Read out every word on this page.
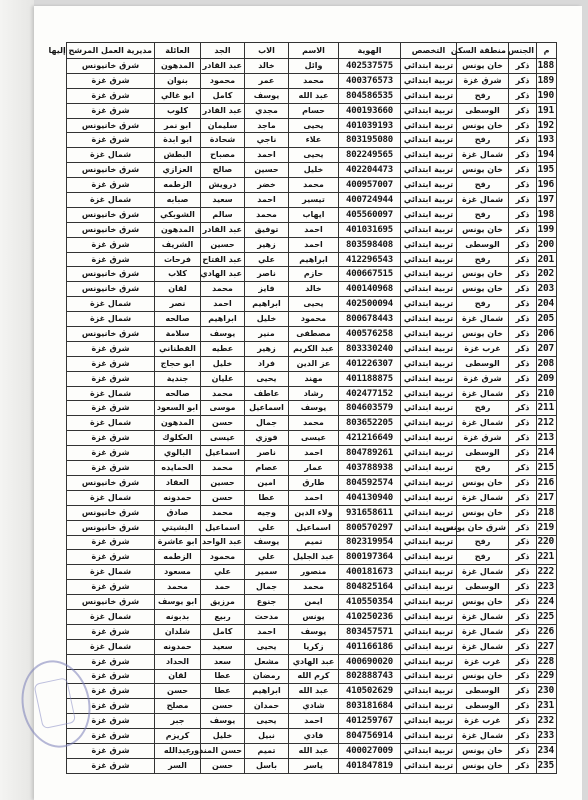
م	الجنس	منطقة السكن	التخصص	الهوية	الاسم	الاب	الجد	العائلة	مديرية العمل المرشح إليها
188	ذكر	خان يونس	تربية ابتدائي	402537575	وائل	خالد	عبد القادر	المدهون	شرق خانيونس
189	ذكر	شرق غزة	تربية ابتدائي	400376573	محمد	عمر	محمود	بنوان	شرق غزة
190	ذكر	رفح	تربية ابتدائي	804586535	عبد الله	يوسف	كامل	ابو غالي	شرق غزة
191	ذكر	الوسطى	تربية ابتدائي	400193660	حسام	مجدي	عبد القادر	كلوب	شرق غزة
192	ذكر	خان يونس	تربية ابتدائي	401039193	يحيى	ماجد	سليمان	ابو نمر	شرق خانيونس
193	ذكر	رفح	تربية ابتدائي	803195080	علاء	ناجي	شحادة	ابو ابدة	شرق غزة
194	ذكر	شمال غزة	تربية ابتدائي	802249565	يحيى	احمد	مصباح	البطش	شمال غزة
195	ذكر	خان يونس	تربية ابتدائي	402204473	خليل	حسين	صالح	العزازي	شرق خانيونس
196	ذكر	رفح	تربية ابتدائي	400957007	محمد	خضر	درويش	الزطمه	شرق غزة
197	ذكر	شمال غزة	تربية ابتدائي	400724944	تيسير	احمد	سعيد	صبابه	شمال غزة
198	ذكر	رفح	تربية ابتدائي	405560097	ايهاب	محمد	سالم	الشوبكي	شرق خانيونس
199	ذكر	خان يونس	تربية ابتدائي	401031695	احمد	توفيق	عبد القادر	المدهون	شرق خانيونس
200	ذكر	الوسطى	تربية ابتدائي	803598408	احمد	زهير	حسين	الشريف	شرق غزة
201	ذكر	رفح	تربية ابتدائي	412296543	ابراهيم	علي	عبد الفتاح	فرحات	شرق غزة
202	ذكر	خان يونس	تربية ابتدائي	400667515	حازم	ناصر	عبد الهادي	كلاب	شرق خانيونس
203	ذكر	خان يونس	تربية ابتدائي	400140968	خالد	فايز	محمد	لقان	شرق خانيونس
204	ذكر	رفح	تربية ابتدائي	402500094	يحيى	ابراهيم	احمد	نصر	شمال غزة
205	ذكر	شمال غزة	تربية ابتدائي	800678443	محمود	خليل	ابراهيم	صالحه	شمال غزة
206	ذكر	خان يونس	تربية ابتدائي	400576258	مصطفى	منير	يوسف	سلامة	شرق خانيونس
207	ذكر	غرب غزة	تربية ابتدائي	803330240	عبد الكريم	زهير	عطيه	القطناني	شرق غزة
208	ذكر	الوسطى	تربية ابتدائي	401226307	عز الدين	فراد	خليل	ابو حجاج	شرق غزة
209	ذكر	شرق غزة	تربية ابتدائي	401188875	مهند	يحيى	عليان	جندية	شرق غزة
210	ذكر	شمال غزة	تربية ابتدائي	402477152	رشاد	عاطف	محمد	صالحه	شمال غزة
211	ذكر	رفح	تربية ابتدائي	804603579	يوسف	اسماعيل	موسى	ابو السعود	شرق غزة
212	ذكر	شمال غزة	تربية ابتدائي	803652205	محمد	جمال	حسن	المدهون	شمال غزة
213	ذكر	شرق غزة	تربية ابتدائي	421216649	عيسى	فوزي	عيسى	العكلوك	شرق غزة
214	ذكر	الوسطى	تربية ابتدائي	804789261	احمد	ناصر	اسماعيل	البالوي	شرق غزة
215	ذكر	رفح	تربية ابتدائي	403788938	عمار	عصام	محمد	الحمايده	شرق غزة
216	ذكر	خان يونس	تربية ابتدائي	804592574	طارق	امين	حسين	العقاد	شرق خانيونس
217	ذكر	شمال غزة	تربية ابتدائي	404130940	احمد	عطا	حسن	حمدونه	شمال غزة
218	ذكر	خان يونس	تربية ابتدائي	931658611	ولاء الدين	وجيه	محمد	صادق	شرق خانيونس
219	ذكر	شرق خان يونس	تربية ابتدائي	800570297	اسماعيل	علي	اسماعيل	البشيتي	شرق خانيونس
220	ذكر	رفح	تربية ابتدائي	802319954	تميم	يوسف	عبد الواحد	ابو عاشرة	شرق غزة
221	ذكر	رفح	تربية ابتدائي	800197364	عبد الجليل	علي	محمود	الزطمه	شرق غزة
222	ذكر	شمال غزة	تربية ابتدائي	400181673	منصور	سمير	علي	مسعود	شمال غزة
223	ذكر	الوسطى	تربية ابتدائي	804825164	محمد	جمال	حمد	محمد	شرق غزة
224	ذكر	خان يونس	تربية ابتدائي	410550354	ايمن	جنوع	مرزيق	ابو يوسف	شرق خانيونس
225	ذكر	شمال غزة	تربية ابتدائي	410250236	يونس	مدحت	ربيع	بدبونه	شمال غزة
226	ذكر	شمال غزة	تربية ابتدائي	803457571	يوسف	احمد	كامل	شلدان	شرق غزة
227	ذكر	شمال غزة	تربية ابتدائي	401166186	زكريا	يحيى	سعيد	حمدونه	شمال غزة
228	ذكر	غرب غزة	تربية ابتدائي	400690020	عبد الهادي	مشعل	سعد	الحداد	شرق غزة
229	ذكر	خان يونس	تربية ابتدائي	802888743	كرم الله	رمضان	عطا	لقان	شرق غزة
230	ذكر	الوسطى	تربية ابتدائي	410502629	عبد الله	ابراهيم	عطا	حسن	شرق غزة
231	ذكر	الوسطى	تربية ابتدائي	803181684	شادي	حمدان	حسن	مصلح	شرق غزة
232	ذكر	غرب غزة	تربية ابتدائي	401259767	احمد	يحيى	يوسف	جبر	شرق غزة
233	ذكر	شمال غزة	تربية ابتدائي	804756914	فادي	نبيل	خليل	كريزم	شرق غزة
234	ذكر	خان يونس	تربية ابتدائي	400027009	عبد الله	تميم	حسن المندور	عبدالله	شرق غزة
235	ذكر	خان يونس	تربية ابتدائي	401847819	ياسر	باسل	حسن	السر	شرق غزة
